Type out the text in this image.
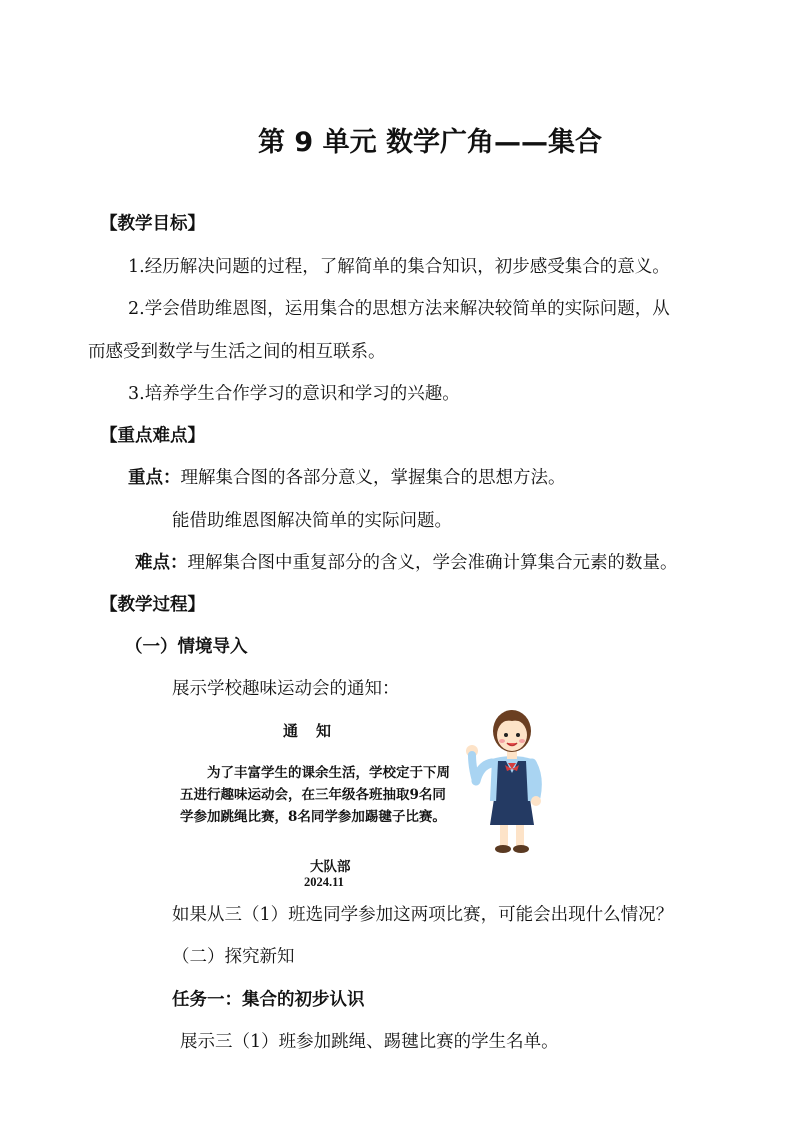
第 9 单元 数学广角——集合

【教学目标】

1.经历解决问题的过程，了解简单的集合知识，初步感受集合的意义。

2.学会借助维恩图，运用集合的思想方法来解决较简单的实际问题，从

而感受到数学与生活之间的相互联系。

3.培养学生合作学习的意识和学习的兴趣。

【重点难点】

重点：理解集合图的各部分意义，掌握集合的思想方法。

能借助维恩图解决简单的实际问题。

难点：理解集合图中重复部分的含义，学会准确计算集合元素的数量。

【教学过程】

（一）情境导入

展示学校趣味运动会的通知：

通知
为了丰富学生的课余生活，学校定于下周五进行趣味运动会，在三年级各班抽取9名同学参加跳绳比赛，8名同学参加踢毽子比赛。
大队部
2024.11

如果从三（1）班选同学参加这两项比赛，可能会出现什么情况？

（二）探究新知

任务一：集合的初步认识

展示三（1）班参加跳绳、踢毽比赛的学生名单。
